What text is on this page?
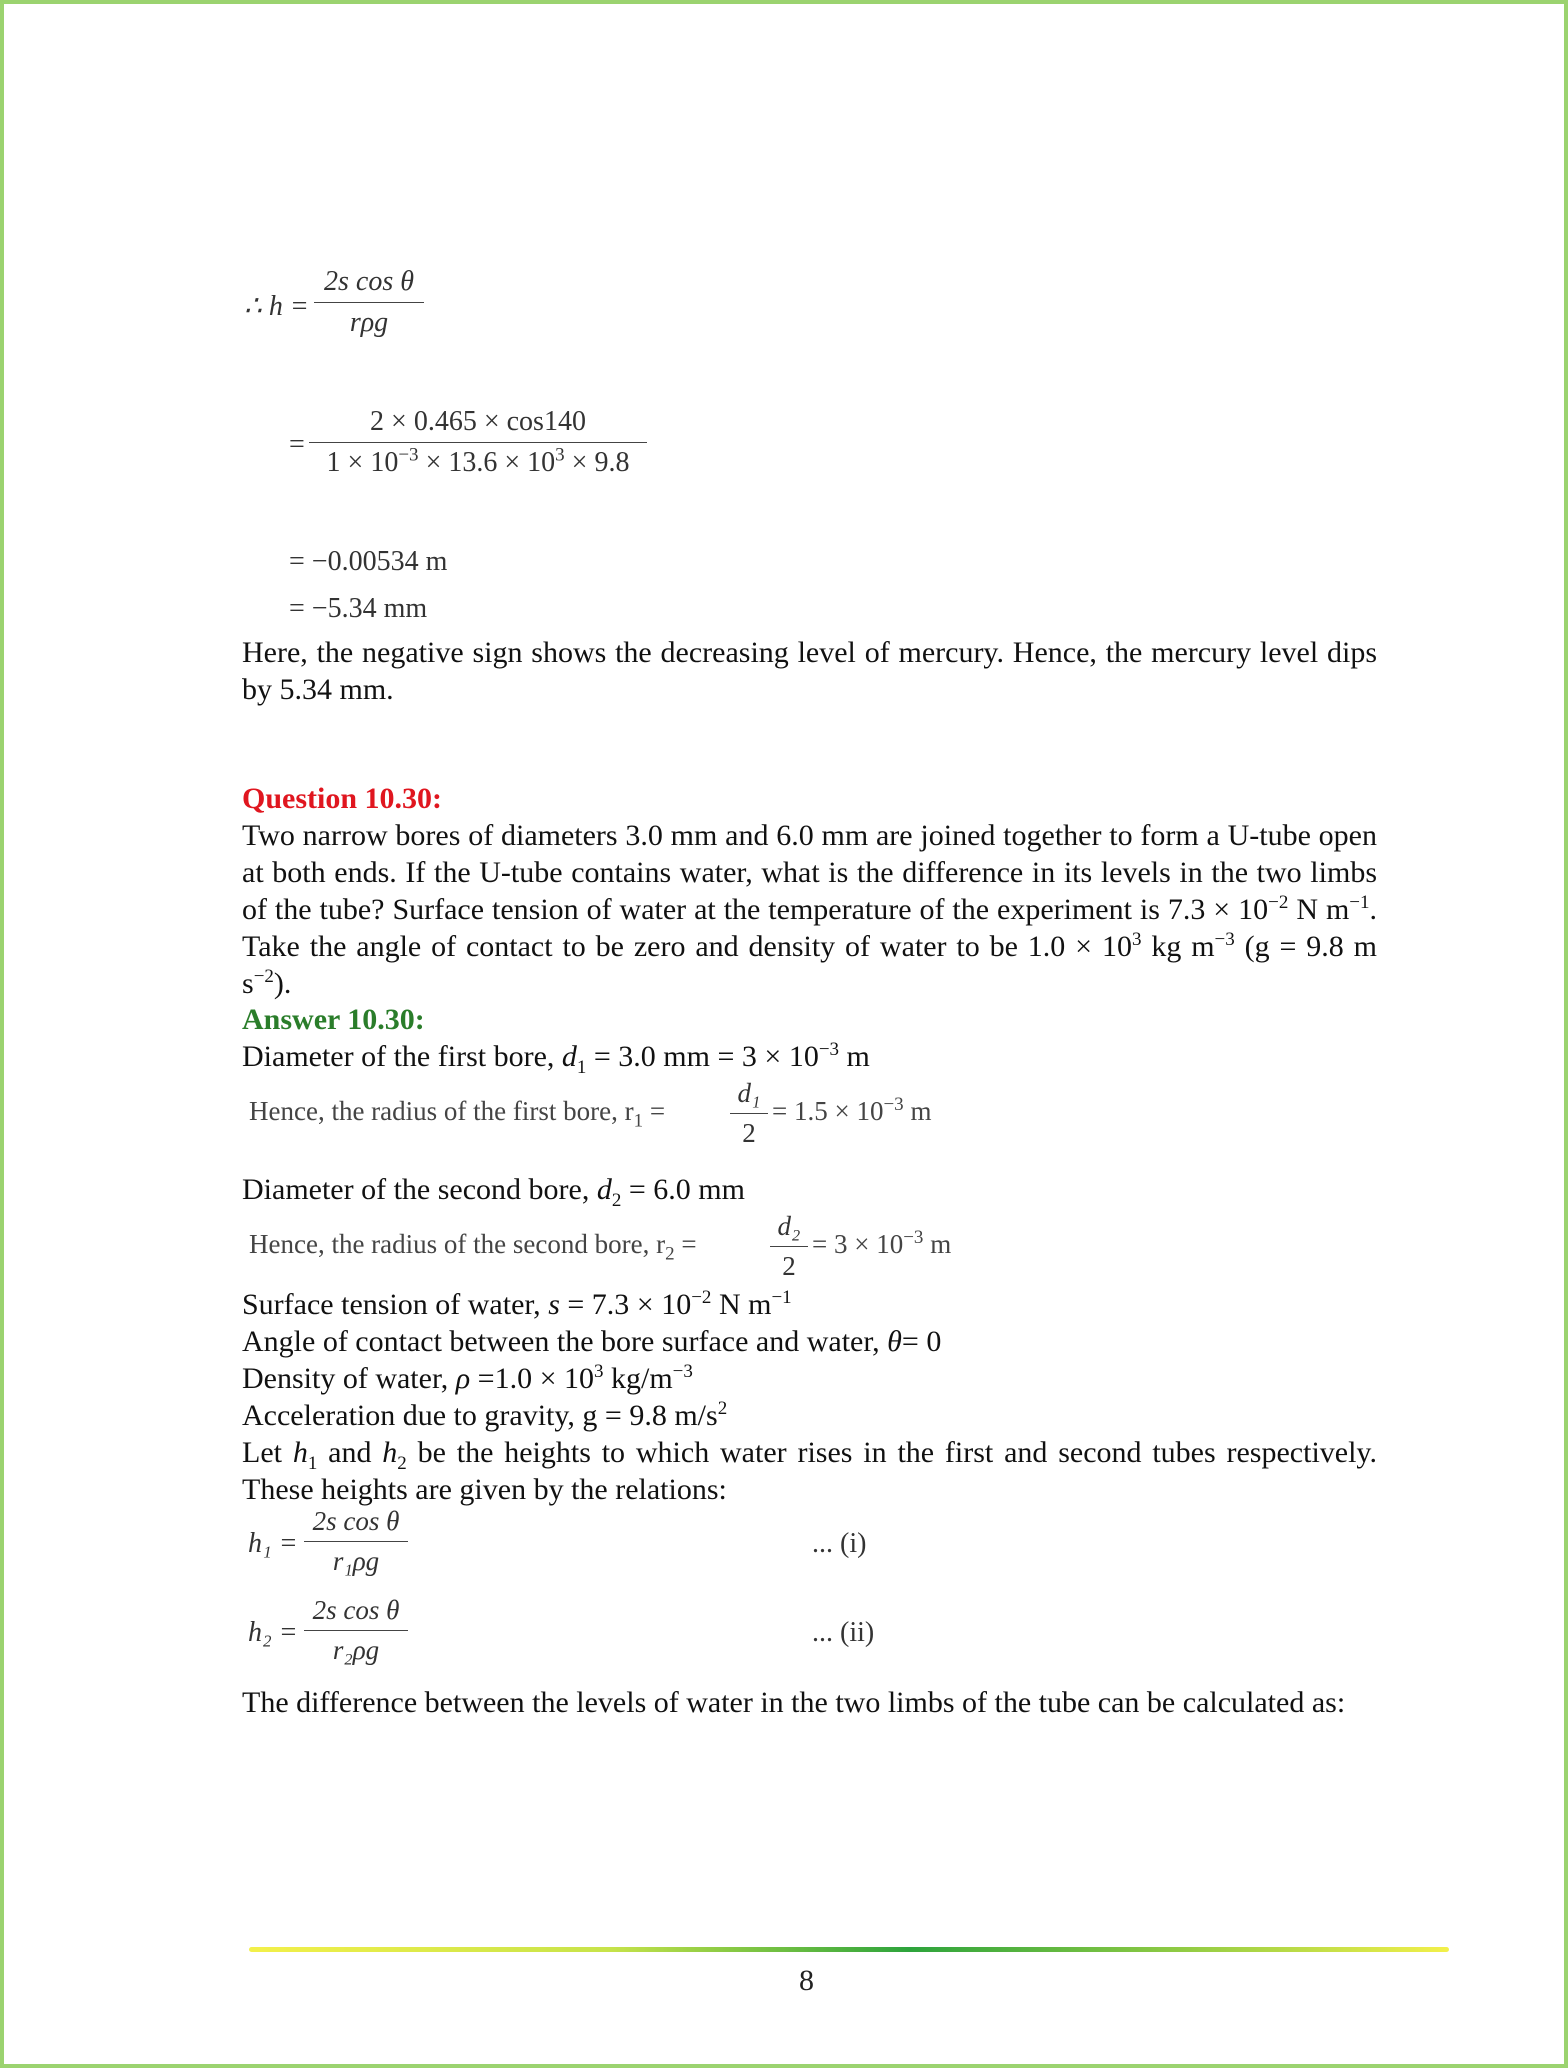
∴ h =
2s cos θ
rρg
=
2 × 0.465 × cos140
$1 \times 10^{-3} \times 13.6 \times 10^3 \times 9.8$
= −0.00534 m
= −5.34 mm
Here, the negative sign shows the decreasing level of mercury. Hence, the mercury level dips by 5.34 mm.
Question 10.30:
Two narrow bores of diameters 3.0 mm and 6.0 mm are joined together to form a U-tube open at both ends. If the U-tube contains water, what is the difference in its levels in the two limbs of the tube? Surface tension of water at the temperature of the experiment is $7.3 \times 10^{-2}$ N $m^{-1}$. Take the angle of contact to be zero and density of water to be $1.0 \times 10^3$ kg $m^{-3}$ (g = 9.8 m $s^{-2}$).
Answer 10.30:
Diameter of the first bore, $d_1 = 3.0$ mm = $3 \times 10^{-3}$ m
Hence, the radius of the first bore, $r_1$ =
d₁
2
= $1.5 \times 10^{-3}$ m
Diameter of the second bore, $d_2 = 6.0$ mm
Hence, the radius of the second bore, $r_2$ =
d₂
2
= $3 \times 10^{-3}$ m
Surface tension of water, $s = 7.3 \times 10^{-2}$ N $m^{-1}$
Angle of contact between the bore surface and water, θ= 0
Density of water, $\rho =1.0 \times 10^3$ $kg/m^{-3}$
Acceleration due to gravity, g = 9.8 $m/s^2$
Let $h_1$ and $h_2$ be the heights to which water rises in the first and second tubes respectively. These heights are given by the relations:
h₁ =
2s cos θ
r₁ρg
... (i)
h₂ =
2s cos θ
r₂ρg
... (ii)
The difference between the levels of water in the two limbs of the tube can be calculated as:
8
